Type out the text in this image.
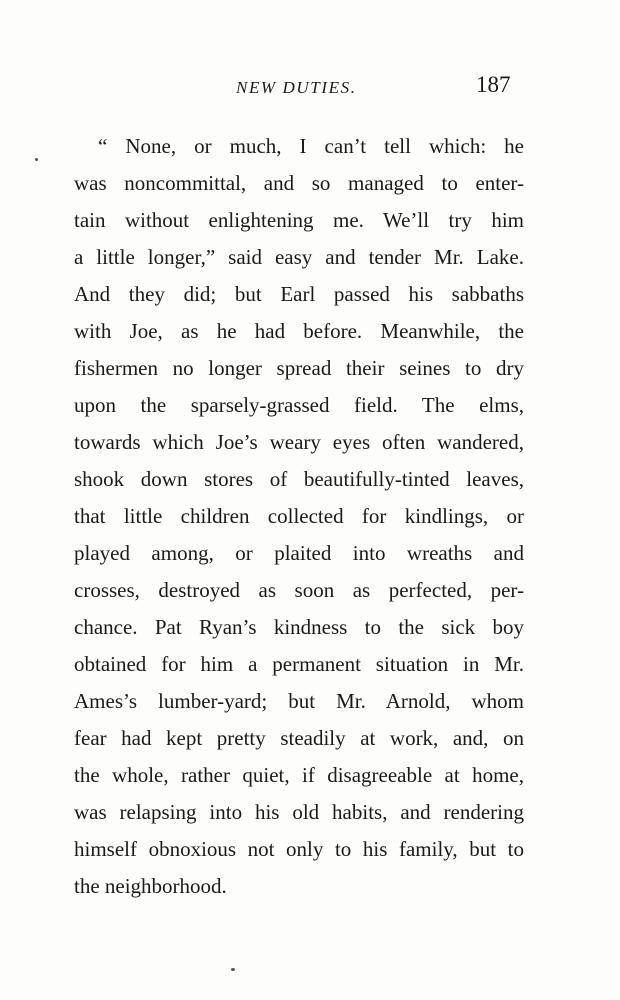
NEW DUTIES.	187
“ None, or much, I can’t tell which: he
was noncommittal, and so managed to enter-
tain without enlightening me. We’ll try him
a little longer,” said easy and tender Mr. Lake.
And they did; but Earl passed his sabbaths
with Joe, as he had before. Meanwhile, the
fishermen no longer spread their seines to dry
upon the sparsely-grassed field. The elms,
towards which Joe’s weary eyes often wandered,
shook down stores of beautifully-tinted leaves,
that little children collected for kindlings, or
played among, or plaited into wreaths and
crosses, destroyed as soon as perfected, per-
chance. Pat Ryan’s kindness to the sick boy
obtained for him a permanent situation in Mr.
Ames’s lumber-yard; but Mr. Arnold, whom
fear had kept pretty steadily at work, and, on
the whole, rather quiet, if disagreeable at home,
was relapsing into his old habits, and rendering
himself obnoxious not only to his family, but to
the neighborhood.
